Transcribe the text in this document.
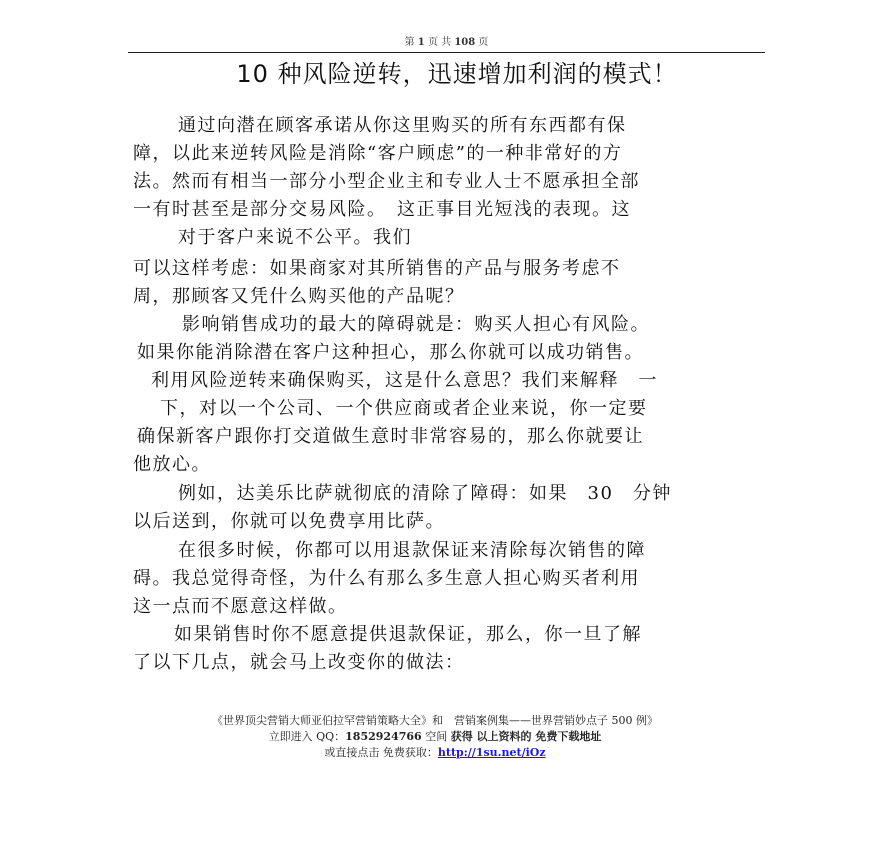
第 1 页 共 108 页
10 种风险逆转，迅速增加利润的模式！
通过向潜在顾客承诺从你这里购买的所有东西都有保
障，以此来逆转风险是消除“客户顾虑”的一种非常好的方
法。然而有相当一部分小型企业主和专业人士不愿承担全部
一有时甚至是部分交易风险。　这正事目光短浅的表现。这
对于客户来说不公平。我们
可以这样考虑：如果商家对其所销售的产品与服务考虑不
周，那顾客又凭什么购买他的产品呢？
影响销售成功的最大的障碍就是：购买人担心有风险。
如果你能消除潜在客户这种担心，那么你就可以成功销售。
利用风险逆转来确保购买，这是什么意思？我们来解释　一
下，对以一个公司、一个供应商或者企业来说，你一定要
确保新客户跟你打交道做生意时非常容易的，那么你就要让
他放心。
例如，达美乐比萨就彻底的清除了障碍：如果　30　分钟
以后送到，你就可以免费享用比萨。
在很多时候，你都可以用退款保证来清除每次销售的障
碍。我总觉得奇怪，为什么有那么多生意人担心购买者利用
这一点而不愿意这样做。
如果销售时你不愿意提供退款保证，那么，你一旦了解
了以下几点，就会马上改变你的做法：
《世界顶尖营销大师亚伯拉罕营销策略大全》和　营销案例集——世界营销妙点子 500 例》
立即进入 QQ：1852924766 空间 获得 以上资料的 免费下载地址
或直接点击 免费获取：http://1su.net/iOz
